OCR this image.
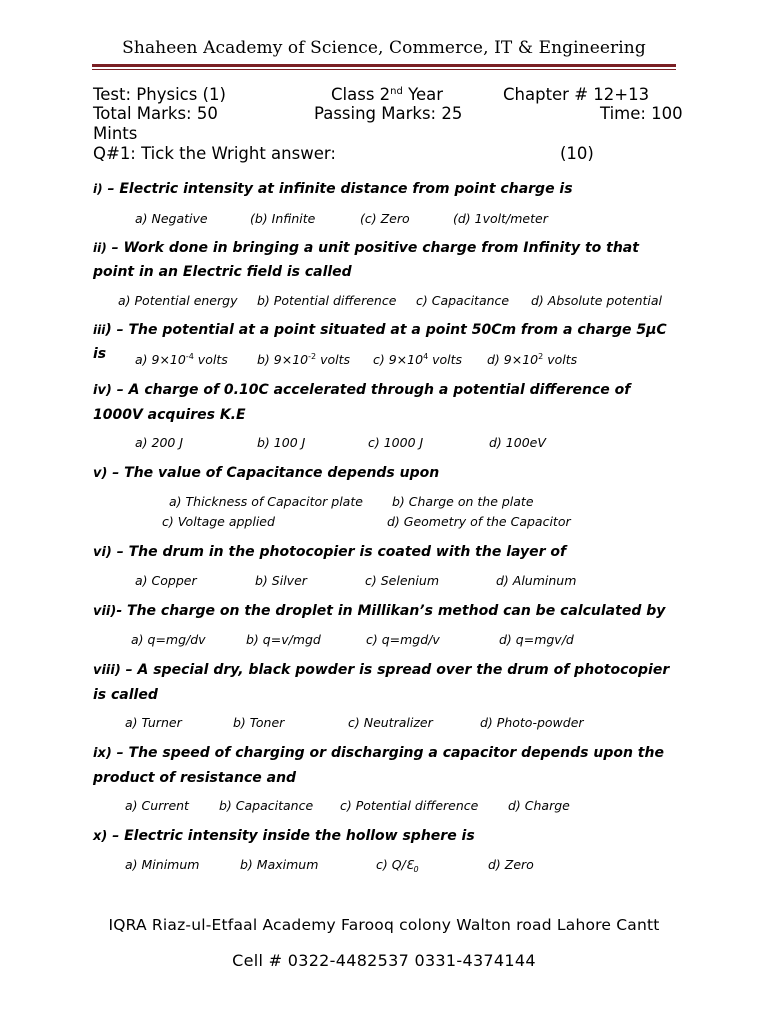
Shaheen Academy of Science, Commerce, IT & Engineering
Test: Physics (1)	Class 2nd Year	Chapter # 12+13
Total Marks: 50	Passing Marks: 25	Time: 100
Mints
Q#1: Tick the Wright answer:	(10)
i) – Electric intensity at infinite distance from point charge is
a) Negative	(b) Infinite	(c) Zero	(d) 1volt/meter
ii) – Work done in bringing a unit positive charge from Infinity to that point in an Electric field is called
a) Potential energy b) Potential difference c) Capacitance d) Absolute potential
iii) – The potential at a point situated at a point 50Cm from a charge 5µC is	a) $9\times 10^{-4}$ volts b) $9\times 10^{-2}$ volts c) $9\times 10^4$ volts d) $9\times 10^2$ volts
iv) – A charge of 0.10C accelerated through a potential difference of 1000V acquires K.E
a) 200 J	b) 100 J	c) 1000 J	d) 100eV
v) – The value of Capacitance depends upon
a) Thickness of Capacitor plate b) Charge on the plate
c) Voltage applied	d) Geometry of the Capacitor
vi) – The drum in the photocopier is coated with the layer of
a) Copper	b) Silver	c) Selenium	d) Aluminum
vii)- The charge on the droplet in Millikan’s method can be calculated by
a) q=mg/dv	b) q=v/mgd	c) q=mgd/v	d) q=mgv/d
viii) – A special dry, black powder is spread over the drum of photocopier is called
a) Turner	b) Toner	c) Neutralizer	d) Photo-powder
ix) – The speed of charging or discharging a capacitor depends upon the product of resistance and
a) Current b) Capacitance c) Potential difference d) Charge
x) – Electric intensity inside the hollow sphere is
a) Minimum	b) Maximum	c) $Q/Ɛ_0$	d) Zero
IQRA Riaz-ul-Etfaal Academy Farooq colony Walton road Lahore Cantt
Cell # 0322-4482537 0331-4374144
